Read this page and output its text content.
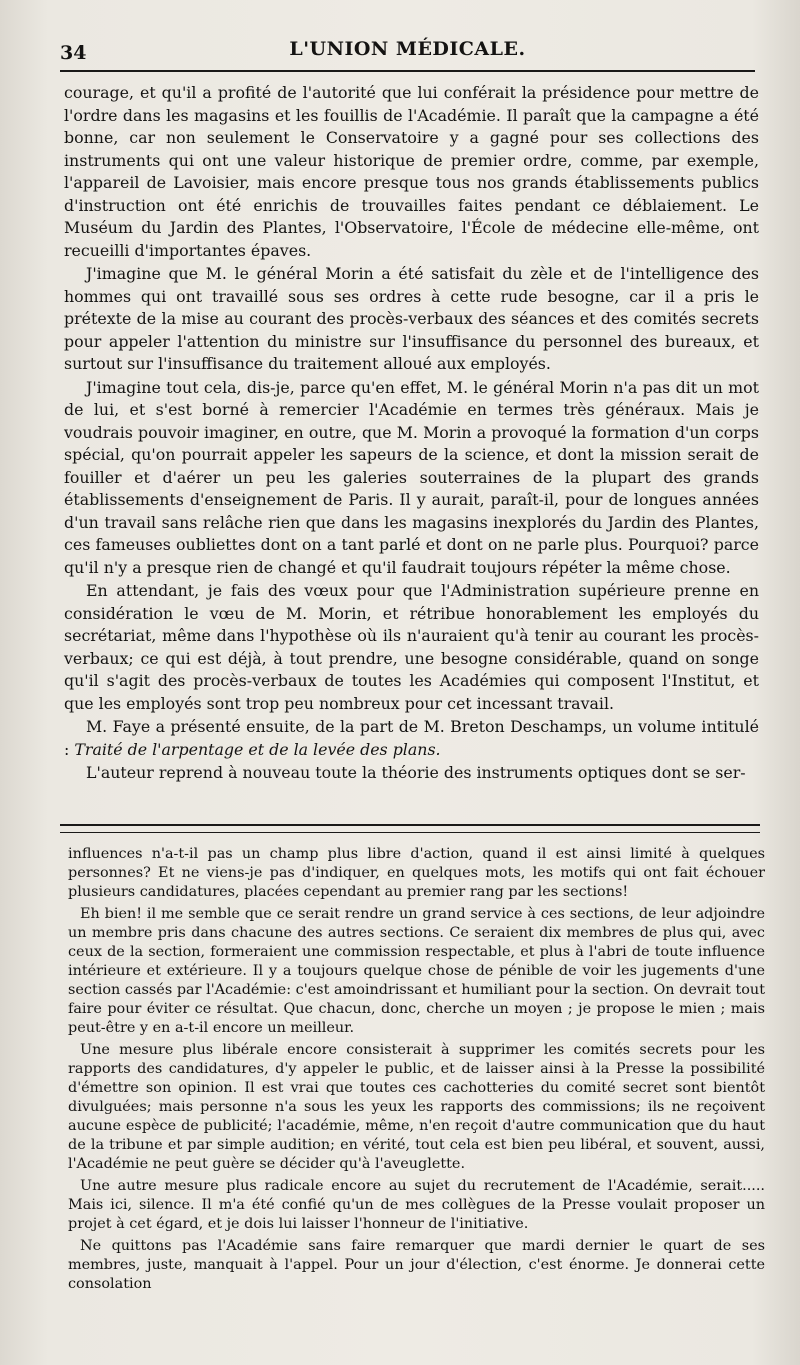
34	L'UNION MÉDICALE.

courage, et qu'il a profité de l'autorité que lui conférait la présidence pour mettre de l'ordre dans les magasins et les fouillis de l'Académie. Il paraît que la campagne a été bonne, car non seulement le Conservatoire y a gagné pour ses collections des instruments qui ont une valeur historique de premier ordre, comme, par exemple, l'appareil de Lavoisier, mais encore presque tous nos grands établissements publics d'instruction ont été enrichis de trouvailles faites pendant ce déblaiement. Le Muséum du Jardin des Plantes, l'Observatoire, l'École de médecine elle-même, ont recueilli d'importantes épaves.

J'imagine que M. le général Morin a été satisfait du zèle et de l'intelligence des hommes qui ont travaillé sous ses ordres à cette rude besogne, car il a pris le prétexte de la mise au courant des procès-verbaux des séances et des comités secrets pour appeler l'attention du ministre sur l'insuffisance du personnel des bureaux, et surtout sur l'insuffisance du traitement alloué aux employés.

J'imagine tout cela, dis-je, parce qu'en effet, M. le général Morin n'a pas dit un mot de lui, et s'est borné à remercier l'Académie en termes très généraux. Mais je voudrais pouvoir imaginer, en outre, que M. Morin a provoqué la formation d'un corps spécial, qu'on pourrait appeler les sapeurs de la science, et dont la mission serait de fouiller et d'aérer un peu les galeries souterraines de la plupart des grands établissements d'enseignement de Paris. Il y aurait, paraît-il, pour de longues années d'un travail sans relâche rien que dans les magasins inexplorés du Jardin des Plantes, ces fameuses oubliettes dont on a tant parlé et dont on ne parle plus. Pourquoi? parce qu'il n'y a presque rien de changé et qu'il faudrait toujours répéter la même chose.

En attendant, je fais des vœux pour que l'Administration supérieure prenne en considération le vœu de M. Morin, et rétribue honorablement les employés du secrétariat, même dans l'hypothèse où ils n'auraient qu'à tenir au courant les procès-verbaux; ce qui est déjà, à tout prendre, une besogne considérable, quand on songe qu'il s'agit des procès-verbaux de toutes les Académies qui composent l'Institut, et que les employés sont trop peu nombreux pour cet incessant travail.

M. Faye a présenté ensuite, de la part de M. Breton Deschamps, un volume intitulé : Traité de l'arpentage et de la levée des plans.

L'auteur reprend à nouveau toute la théorie des instruments optiques dont se ser-

influences n'a-t-il pas un champ plus libre d'action, quand il est ainsi limité à quelques personnes? Et ne viens-je pas d'indiquer, en quelques mots, les motifs qui ont fait échouer plusieurs candidatures, placées cependant au premier rang par les sections!

Eh bien! il me semble que ce serait rendre un grand service à ces sections, de leur adjoindre un membre pris dans chacune des autres sections. Ce seraient dix membres de plus qui, avec ceux de la section, formeraient une commission respectable, et plus à l'abri de toute influence intérieure et extérieure. Il y a toujours quelque chose de pénible de voir les jugements d'une section cassés par l'Académie: c'est amoindrissant et humiliant pour la section. On devrait tout faire pour éviter ce résultat. Que chacun, donc, cherche un moyen ; je propose le mien ; mais peut-être y en a-t-il encore un meilleur.

Une mesure plus libérale encore consisterait à supprimer les comités secrets pour les rapports des candidatures, d'y appeler le public, et de laisser ainsi à la Presse la possibilité d'émettre son opinion. Il est vrai que toutes ces cachotteries du comité secret sont bientôt divulguées; mais personne n'a sous les yeux les rapports des commissions; ils ne reçoivent aucune espèce de publicité; l'académie, même, n'en reçoit d'autre communication que du haut de la tribune et par simple audition; en vérité, tout cela est bien peu libéral, et souvent, aussi, l'Académie ne peut guère se décider qu'à l'aveuglette.

Une autre mesure plus radicale encore au sujet du recrutement de l'Académie, serait..... Mais ici, silence. Il m'a été confié qu'un de mes collègues de la Presse voulait proposer un projet à cet égard, et je dois lui laisser l'honneur de l'initiative.

Ne quittons pas l'Académie sans faire remarquer que mardi dernier le quart de ses membres, juste, manquait à l'appel. Pour un jour d'élection, c'est énorme. Je donnerai cette consolation
